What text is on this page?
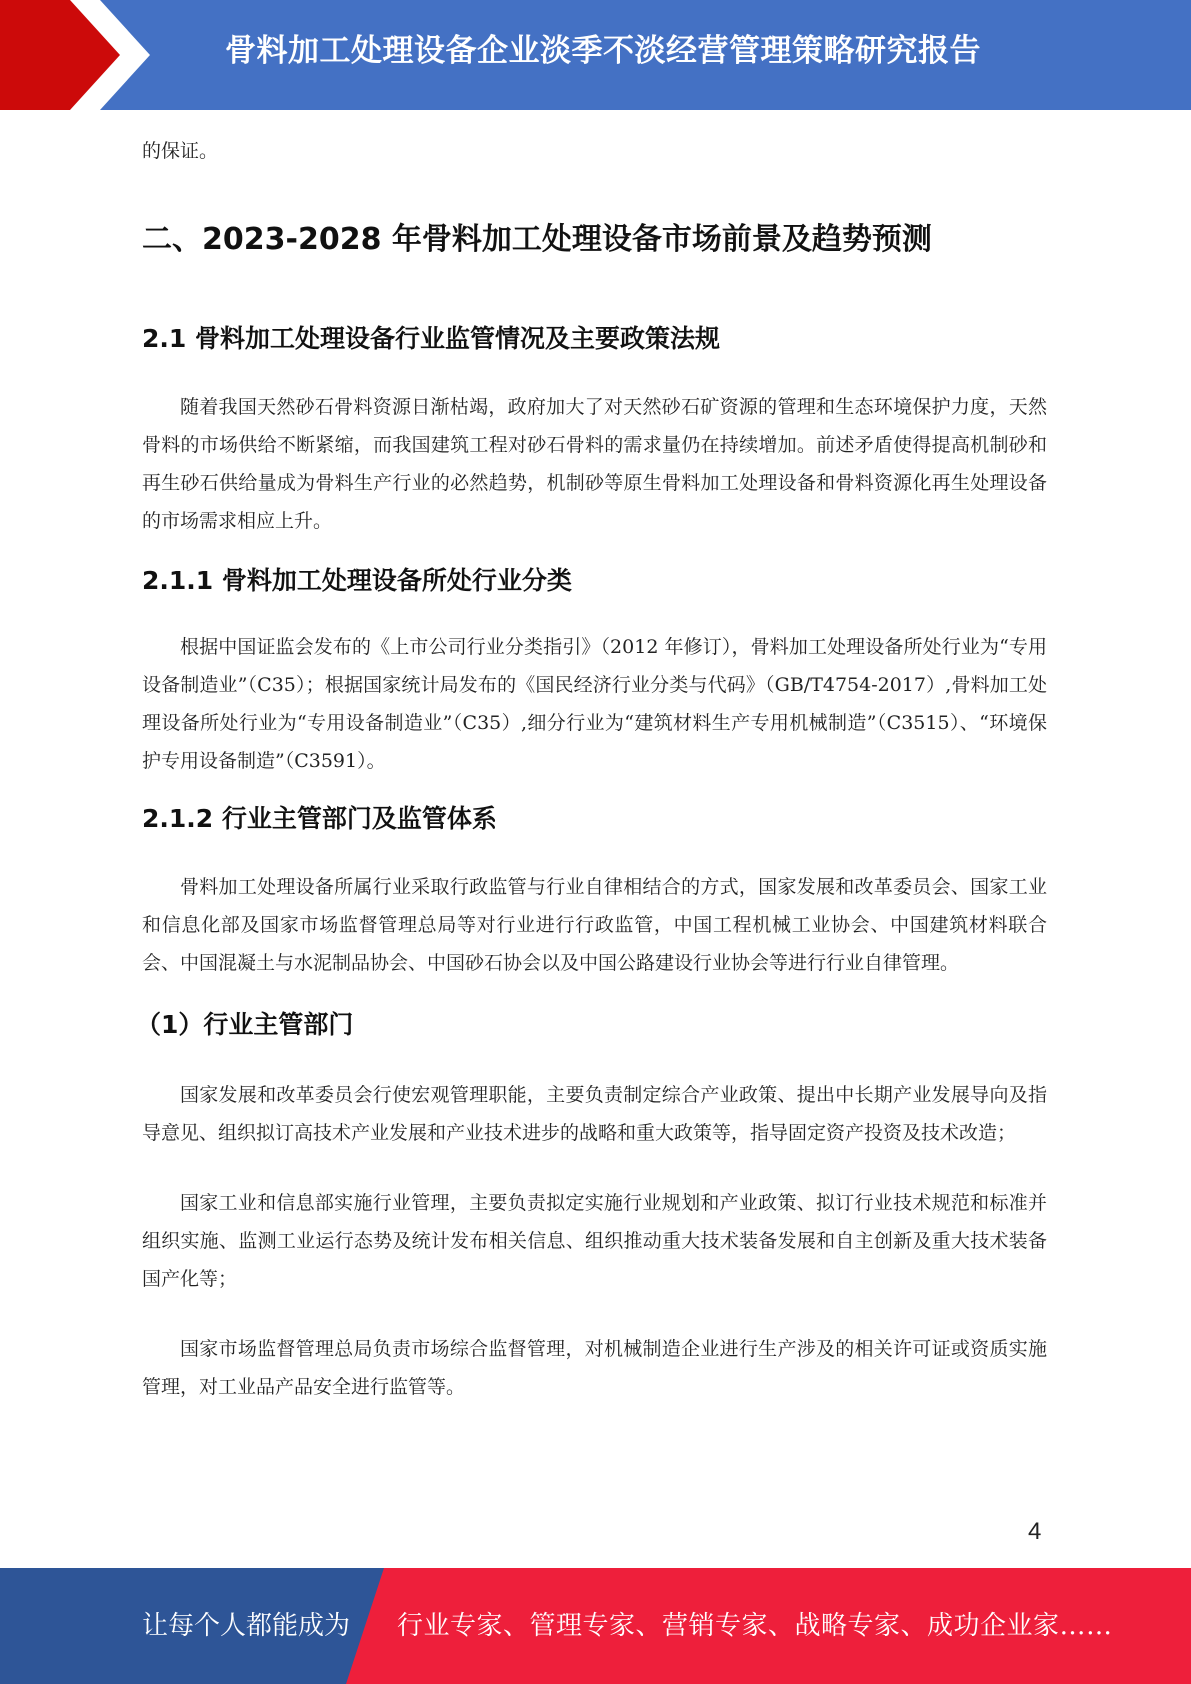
骨料加工处理设备企业淡季不淡经营管理策略研究报告

的保证。

二、2023-2028 年骨料加工处理设备市场前景及趋势预测
2.1 骨料加工处理设备行业监管情况及主要政策法规

随着我国天然砂石骨料资源日渐枯竭，政府加大了对天然砂石矿资源的管理和生态环境保护力度，天然骨料的市场供给不断紧缩，而我国建筑工程对砂石骨料的需求量仍在持续增加。前述矛盾使得提高机制砂和再生砂石供给量成为骨料生产行业的必然趋势，机制砂等原生骨料加工处理设备和骨料资源化再生处理设备的市场需求相应上升。

2.1.1 骨料加工处理设备所处行业分类

根据中国证监会发布的《上市公司行业分类指引》（2012 年修订），骨料加工处理设备所处行业为“专用设备制造业”（C35）；根据国家统计局发布的《国民经济行业分类与代码》（GB/T4754-2017）,骨料加工处理设备所处行业为“专用设备制造业”（C35）,细分行业为“建筑材料生产专用机械制造”（C3515）、“环境保护专用设备制造”（C3591）。

2.1.2 行业主管部门及监管体系

骨料加工处理设备所属行业采取行政监管与行业自律相结合的方式，国家发展和改革委员会、国家工业和信息化部及国家市场监督管理总局等对行业进行行政监管，中国工程机械工业协会、中国建筑材料联合会、中国混凝土与水泥制品协会、中国砂石协会以及中国公路建设行业协会等进行行业自律管理。

（1）行业主管部门

国家发展和改革委员会行使宏观管理职能，主要负责制定综合产业政策、提出中长期产业发展导向及指导意见、组织拟订高技术产业发展和产业技术进步的战略和重大政策等，指导固定资产投资及技术改造；

国家工业和信息部实施行业管理，主要负责拟定实施行业规划和产业政策、拟订行业技术规范和标准并组织实施、监测工业运行态势及统计发布相关信息、组织推动重大技术装备发展和自主创新及重大技术装备国产化等；

国家市场监督管理总局负责市场综合监督管理，对机械制造企业进行生产涉及的相关许可证或资质实施管理，对工业品产品安全进行监管等。

4
让每个人都能成为 行业专家、管理专家、营销专家、战略专家、成功企业家……
